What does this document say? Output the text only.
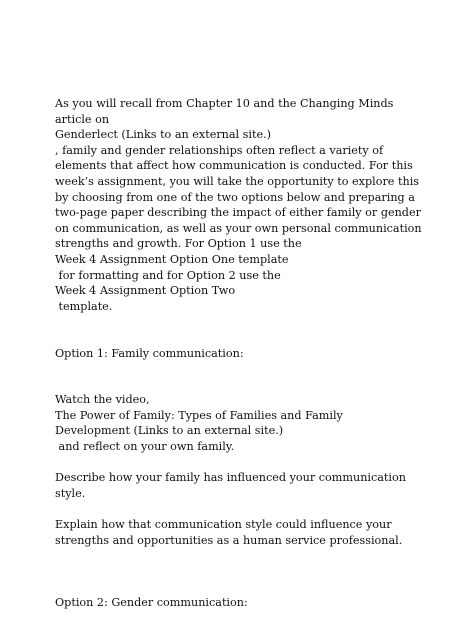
As you will recall from Chapter 10 and the Changing Minds
article on
Genderlect (Links to an external site.)
, family and gender relationships often reflect a variety of
elements that affect how communication is conducted. For this
week’s assignment, you will take the opportunity to explore this
by choosing from one of the two options below and preparing a
two-page paper describing the impact of either family or gender
on communication, as well as your own personal communication
strengths and growth. For Option 1 use the
Week 4 Assignment Option One template
for formatting and for Option 2 use the
Week 4 Assignment Option Two
template.
Option 1: Family communication:
Watch the video,
The Power of Family: Types of Families and Family
Development (Links to an external site.)
and reflect on your own family.
Describe how your family has influenced your communication
style.
Explain how that communication style could influence your
strengths and opportunities as a human service professional.
Option 2: Gender communication:
